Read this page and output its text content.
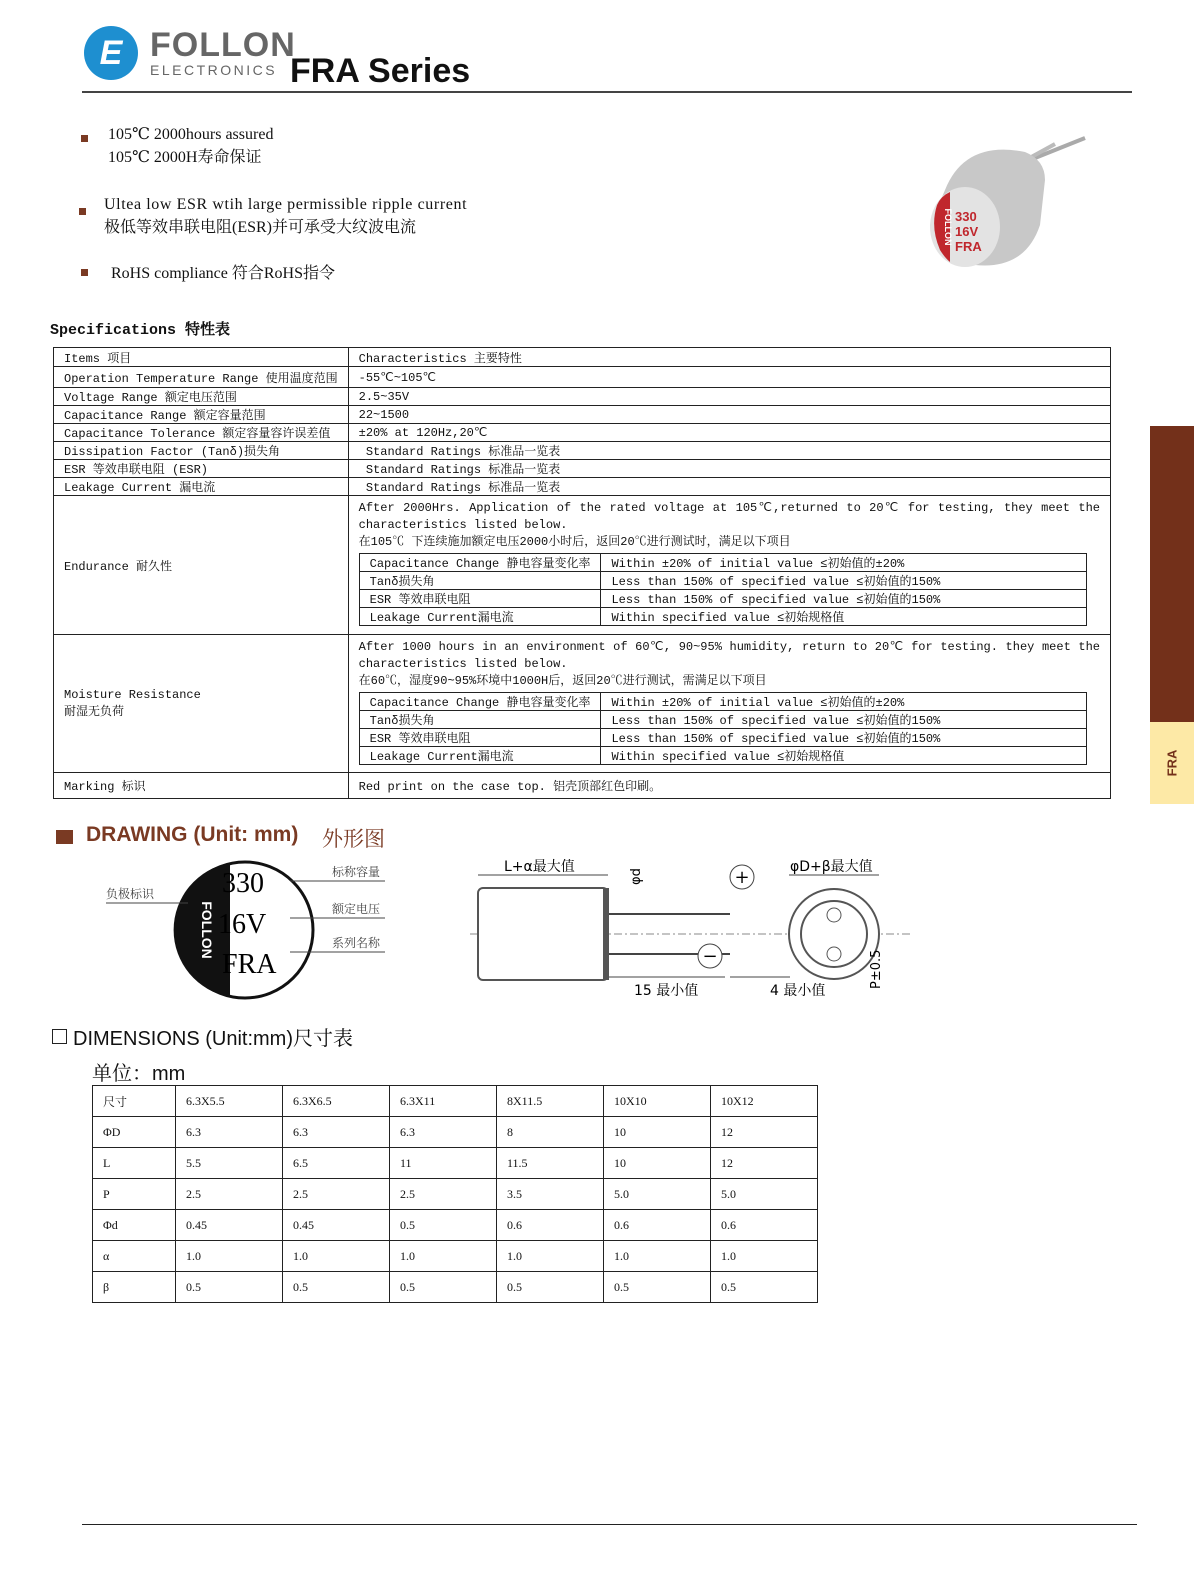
E FOLLON
ELECTRONICS FRA Series
105℃ 2000hours assured
105℃ 2000H寿命保证
Ultea low ESR wtih large permissible ripple current
极低等效串联电阻(ESR)并可承受大纹波电流
RoHS compliance 符合RoHS指令
FOLLON 330
16V
FRA
Specifications 特性表
Items 项目	Characteristics 主要特性
Operation Temperature Range 使用温度范围	-55℃~105℃
Voltage Range 额定电压范围	2.5~35V
Capacitance Range 额定容量范围	22~1500
Capacitance Tolerance 额定容量容许误差值	±20% at 120Hz,20℃
Dissipation Factor (Tanδ)损失角	Standard Ratings 标准品一览表
ESR 等效串联电阻 (ESR)	Standard Ratings 标准品一览表
Leakage Current 漏电流	Standard Ratings 标准品一览表
Endurance 耐久性	
After 2000Hrs. Application of the rated voltage at 105℃,returned to 20℃ for testing, they meet the characteristics listed below.
在105℃ 下连续施加额定电压2000小时后，返回20℃进行测试时，满足以下项目
Capacitance Change 静电容量变化率	Within ±20% of initial value ≤初始值的±20%
Tanδ损失角	Less than 150% of specified value ≤初始值的150%
ESR 等效串联电阻	Less than 150% of specified value ≤初始值的150%
Leakage Current漏电流	Within specified value ≤初始规格值

Moisture Resistance
耐湿无负荷

After 1000 hours in an environment of 60℃, 90~95% humidity, return to 20℃ for testing. they meet the characteristics listed below.
在60℃，湿度90~95%环境中1000H后，返回20℃进行测试，需满足以下项目
Capacitance Change 静电容量变化率	Within ±20% of initial value ≤初始值的±20%
Tanδ损失角	Less than 150% of specified value ≤初始值的150%
ESR 等效串联电阻	Less than 150% of specified value ≤初始值的150%
Leakage Current漏电流	Within specified value ≤初始规格值

Marking 标识	Red print on the case top. 铝壳顶部红色印刷。
FRA
DRAWING (Unit: mm) 外形图
FOLLON
330
16V
FRA
负极标识
标称容量
额定电压
系列名称
L+α最大值
φd
15 最小值	4 最小值
+
−
φD+β最大值
P±0.5
DIMENSIONS (Unit:mm)尺寸表
单位：mm
尺寸	6.3X5.5	6.3X6.5	6.3X11	8X11.5	10X10	10X12
ΦD	6.3	6.3	6.3	8	10	12
L	5.5	6.5	11	11.5	10	12
P	2.5	2.5	2.5	3.5	5.0	5.0
Φd	0.45	0.45	0.5	0.6	0.6	0.6
α	1.0	1.0	1.0	1.0	1.0	1.0
β	0.5	0.5	0.5	0.5	0.5	0.5
